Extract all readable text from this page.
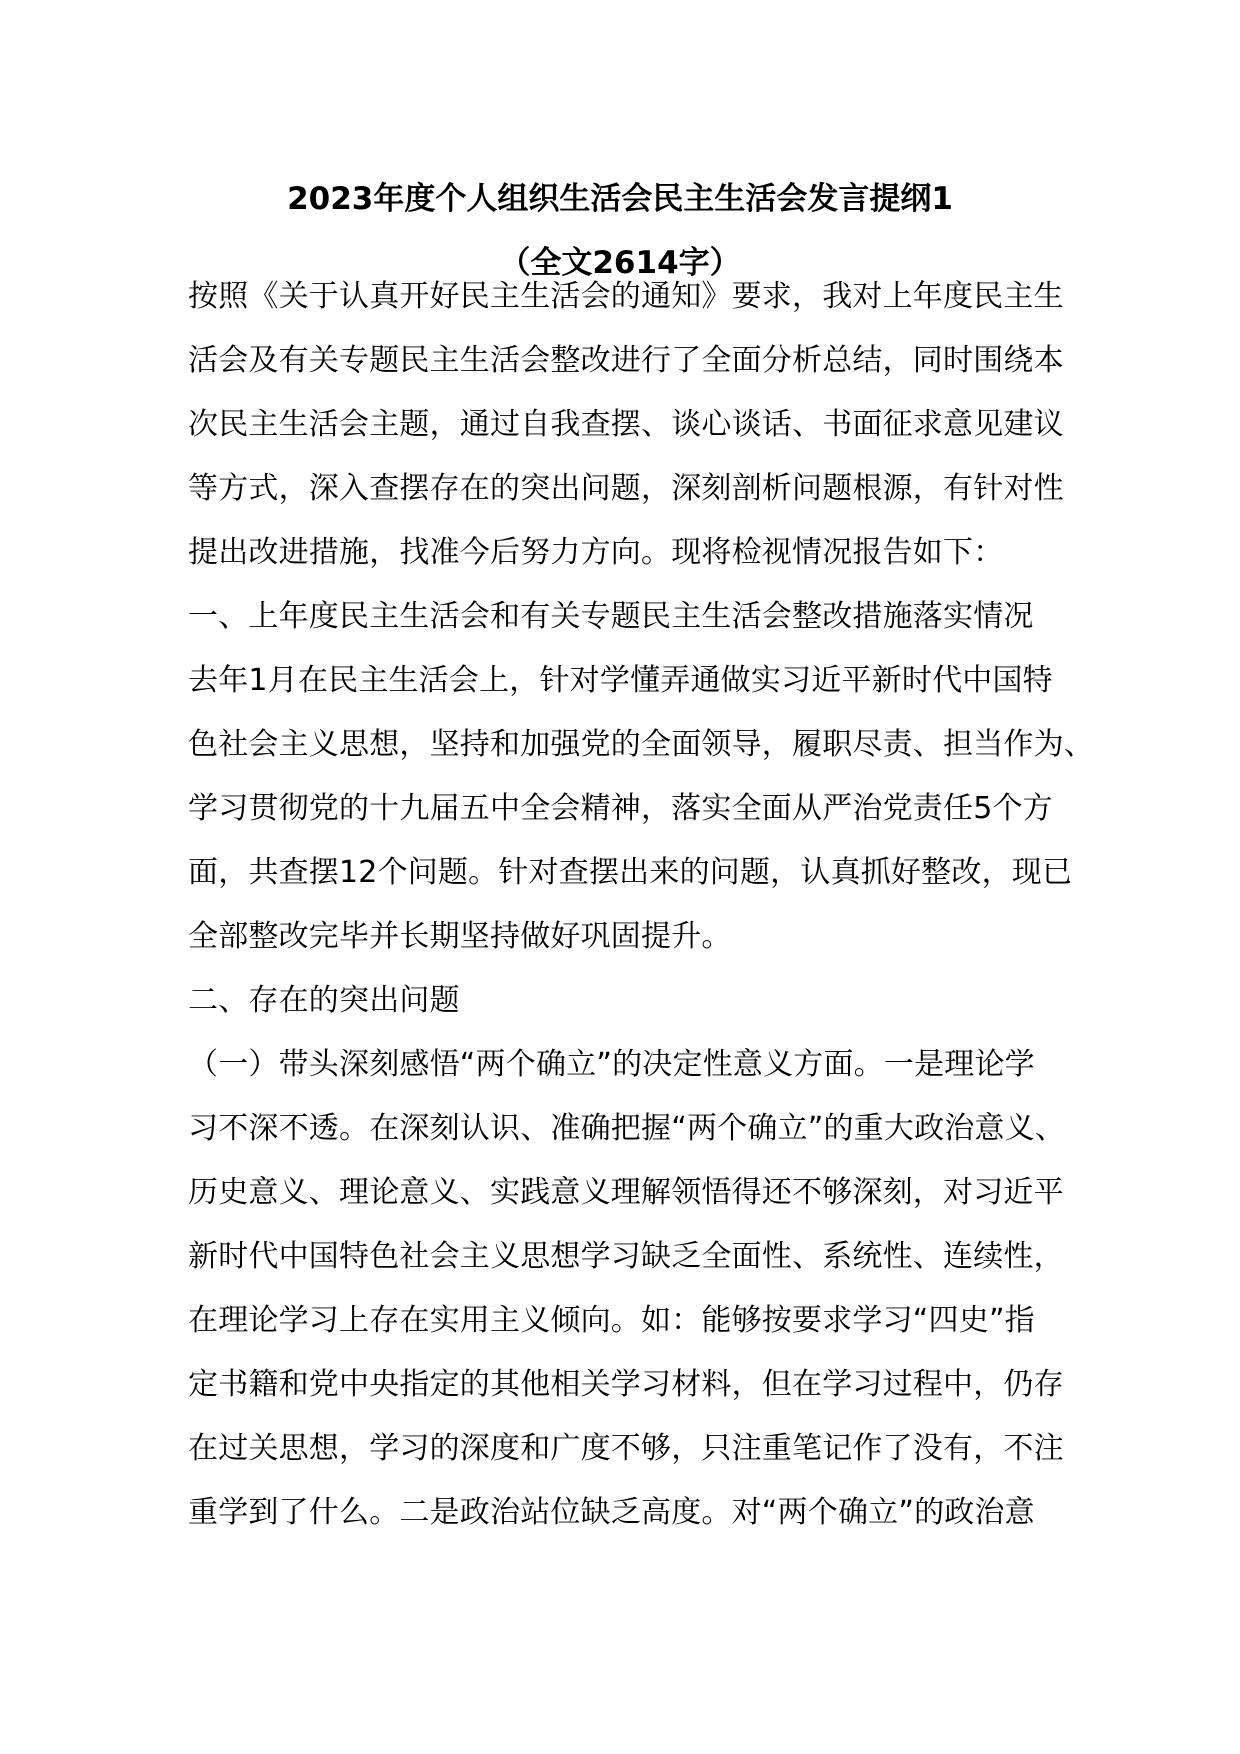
2023年度个人组织生活会民主生活会发言提纲1
（全文2614字）
按照《关于认真开好民主生活会的通知》要求，我对上年度民主生
活会及有关专题民主生活会整改进行了全面分析总结，同时围绕本
次民主生活会主题，通过自我查摆、谈心谈话、书面征求意见建议
等方式，深入查摆存在的突出问题，深刻剖析问题根源，有针对性
提出改进措施，找准今后努力方向。现将检视情况报告如下：
一、上年度民主生活会和有关专题民主生活会整改措施落实情况
去年1月在民主生活会上，针对学懂弄通做实习近平新时代中国特
色社会主义思想，坚持和加强党的全面领导，履职尽责、担当作为、
学习贯彻党的十九届五中全会精神，落实全面从严治党责任5个方
面，共查摆12个问题。针对查摆出来的问题，认真抓好整改，现已
全部整改完毕并长期坚持做好巩固提升。
二、存在的突出问题
（一）带头深刻感悟“两个确立”的决定性意义方面。一是理论学
习不深不透。在深刻认识、准确把握“两个确立”的重大政治意义、
历史意义、理论意义、实践意义理解领悟得还不够深刻，对习近平
新时代中国特色社会主义思想学习缺乏全面性、系统性、连续性，
在理论学习上存在实用主义倾向。如：能够按要求学习“四史”指
定书籍和党中央指定的其他相关学习材料，但在学习过程中，仍存
在过关思想，学习的深度和广度不够，只注重笔记作了没有，不注
重学到了什么。二是政治站位缺乏高度。对“两个确立”的政治意
